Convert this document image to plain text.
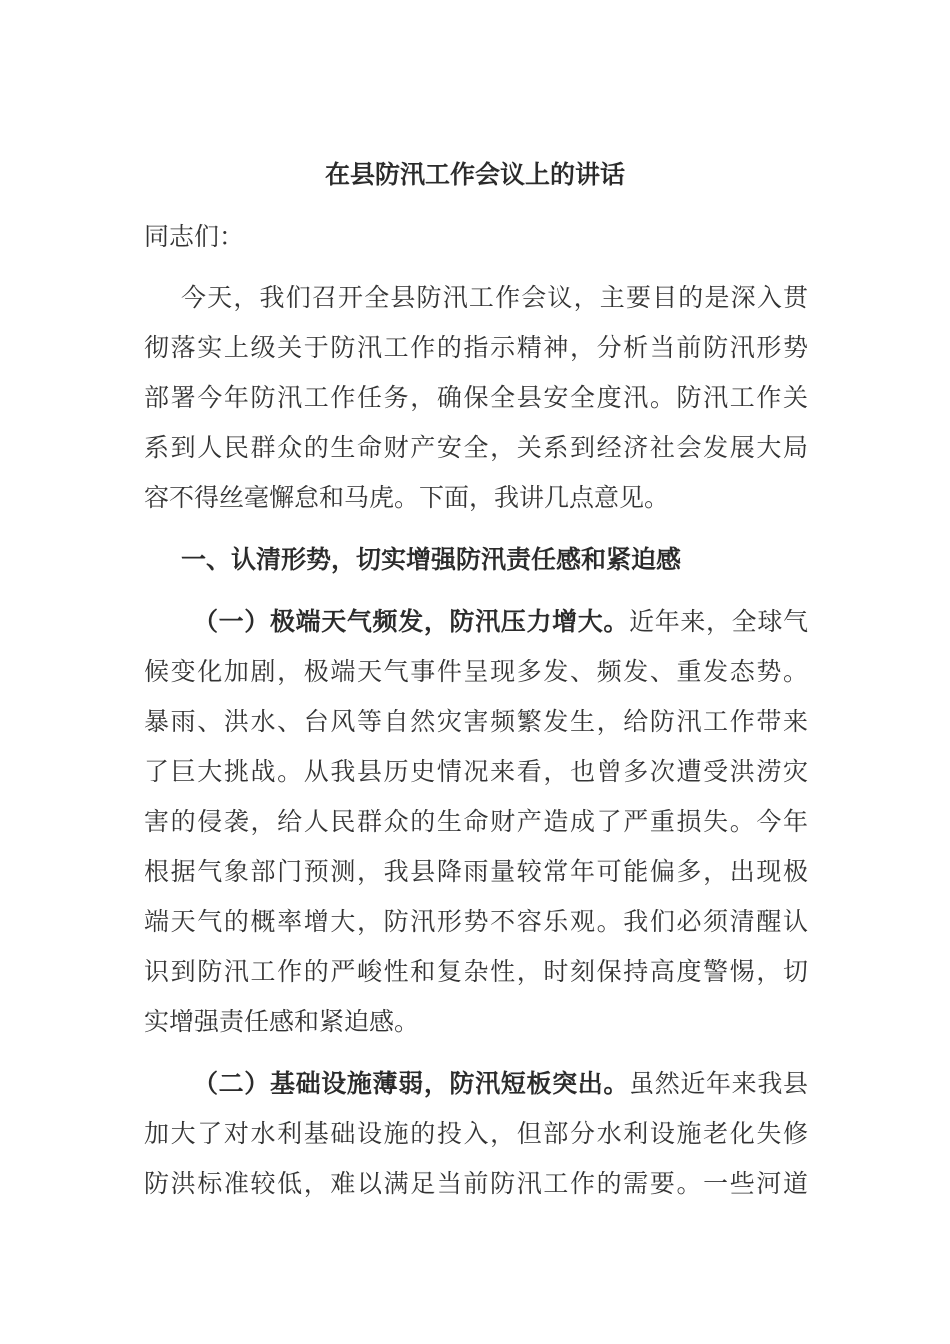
在县防汛工作会议上的讲话
同志们：
今天，我们召开全县防汛工作会议，主要目的是深入贯
彻落实上级关于防汛工作的指示精神，分析当前防汛形势
部署今年防汛工作任务，确保全县安全度汛。防汛工作关
系到人民群众的生命财产安全，关系到经济社会发展大局
容不得丝毫懈怠和马虎。下面，我讲几点意见。
一、认清形势，切实增强防汛责任感和紧迫感
（一）极端天气频发，防汛压力增大。近年来，全球气
候变化加剧，极端天气事件呈现多发、频发、重发态势。
暴雨、洪水、台风等自然灾害频繁发生，给防汛工作带来
了巨大挑战。从我县历史情况来看，也曾多次遭受洪涝灾
害的侵袭，给人民群众的生命财产造成了严重损失。今年
根据气象部门预测，我县降雨量较常年可能偏多，出现极
端天气的概率增大，防汛形势不容乐观。我们必须清醒认
识到防汛工作的严峻性和复杂性，时刻保持高度警惕，切
实增强责任感和紧迫感。
（二）基础设施薄弱，防汛短板突出。虽然近年来我县
加大了对水利基础设施的投入，但部分水利设施老化失修
防洪标准较低，难以满足当前防汛工作的需要。一些河道
